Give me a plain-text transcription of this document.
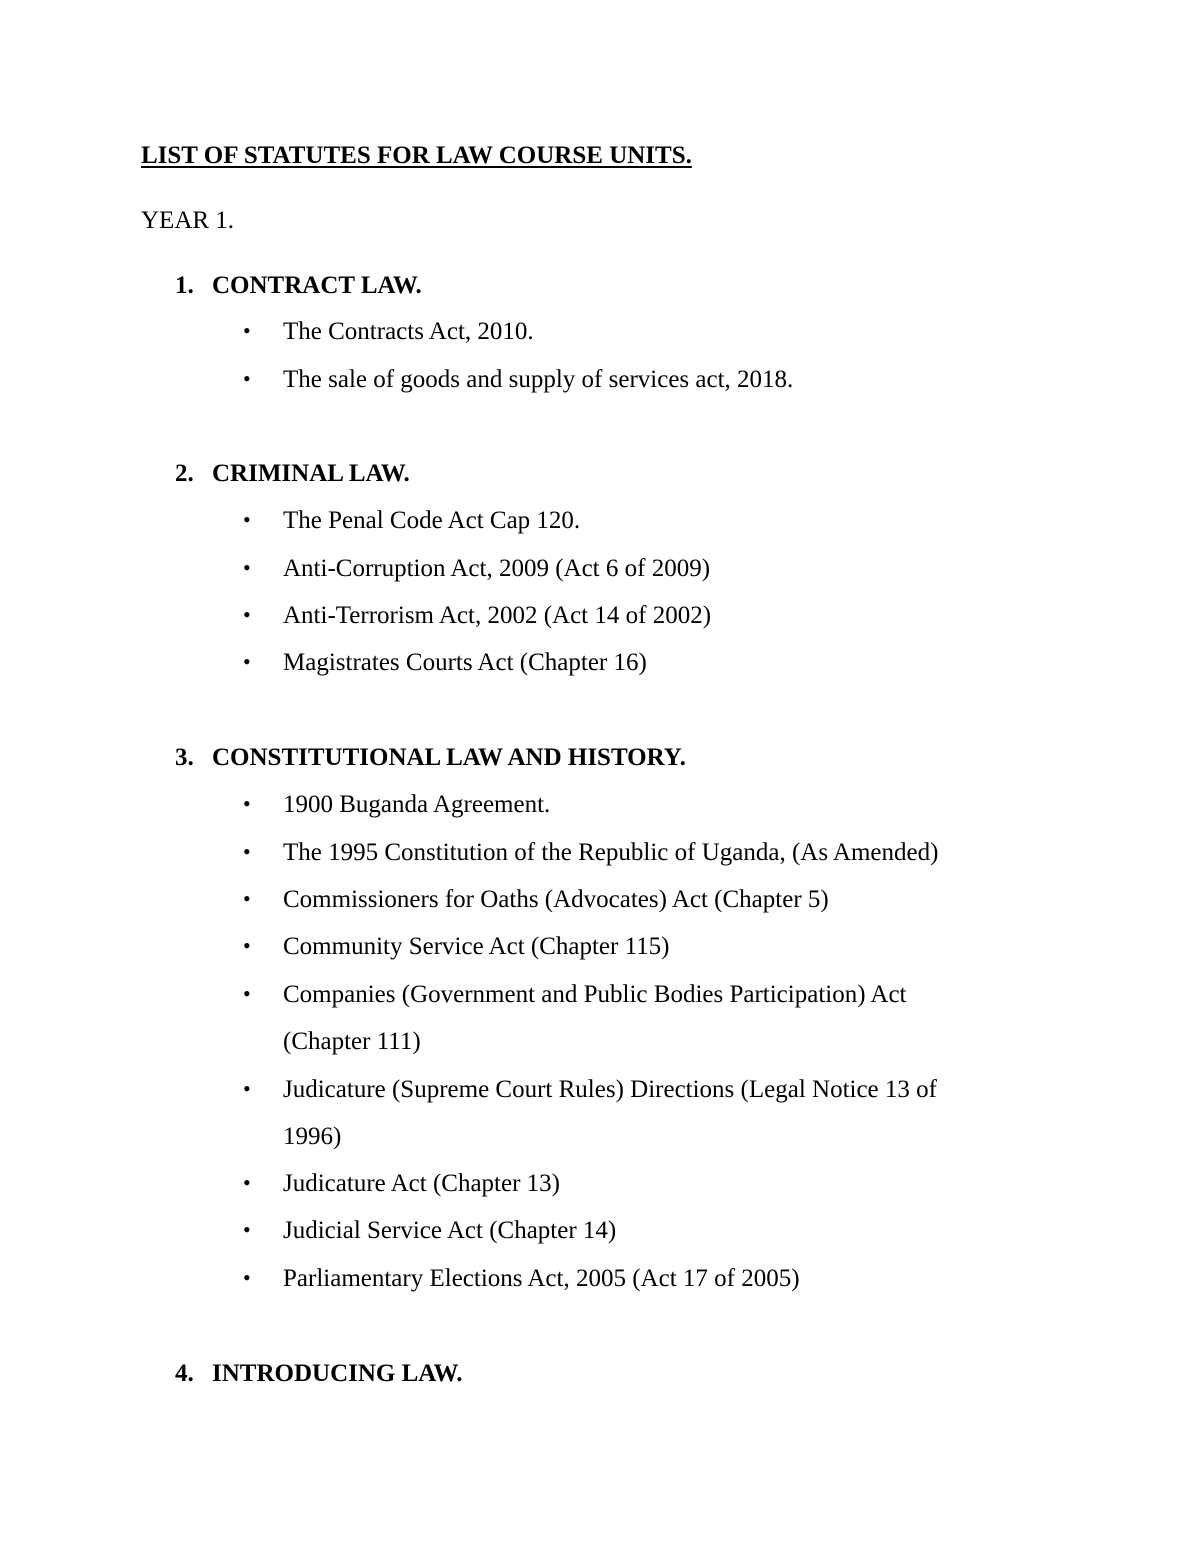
LIST OF STATUTES FOR LAW COURSE UNITS.
YEAR 1.
1. CONTRACT LAW.
• The Contracts Act, 2010.
• The sale of goods and supply of services act, 2018.
2. CRIMINAL LAW.
• The Penal Code Act Cap 120.
• Anti-Corruption Act, 2009 (Act 6 of 2009)
• Anti-Terrorism Act, 2002 (Act 14 of 2002)
• Magistrates Courts Act (Chapter 16)
3. CONSTITUTIONAL LAW AND HISTORY.
• 1900 Buganda Agreement.
• The 1995 Constitution of the Republic of Uganda, (As Amended)
• Commissioners for Oaths (Advocates) Act (Chapter 5)
• Community Service Act (Chapter 115)
• Companies (Government and Public Bodies Participation) Act
(Chapter 111)
• Judicature (Supreme Court Rules) Directions (Legal Notice 13 of
1996)
• Judicature Act (Chapter 13)
• Judicial Service Act (Chapter 14)
• Parliamentary Elections Act, 2005 (Act 17 of 2005)
4. INTRODUCING LAW.
